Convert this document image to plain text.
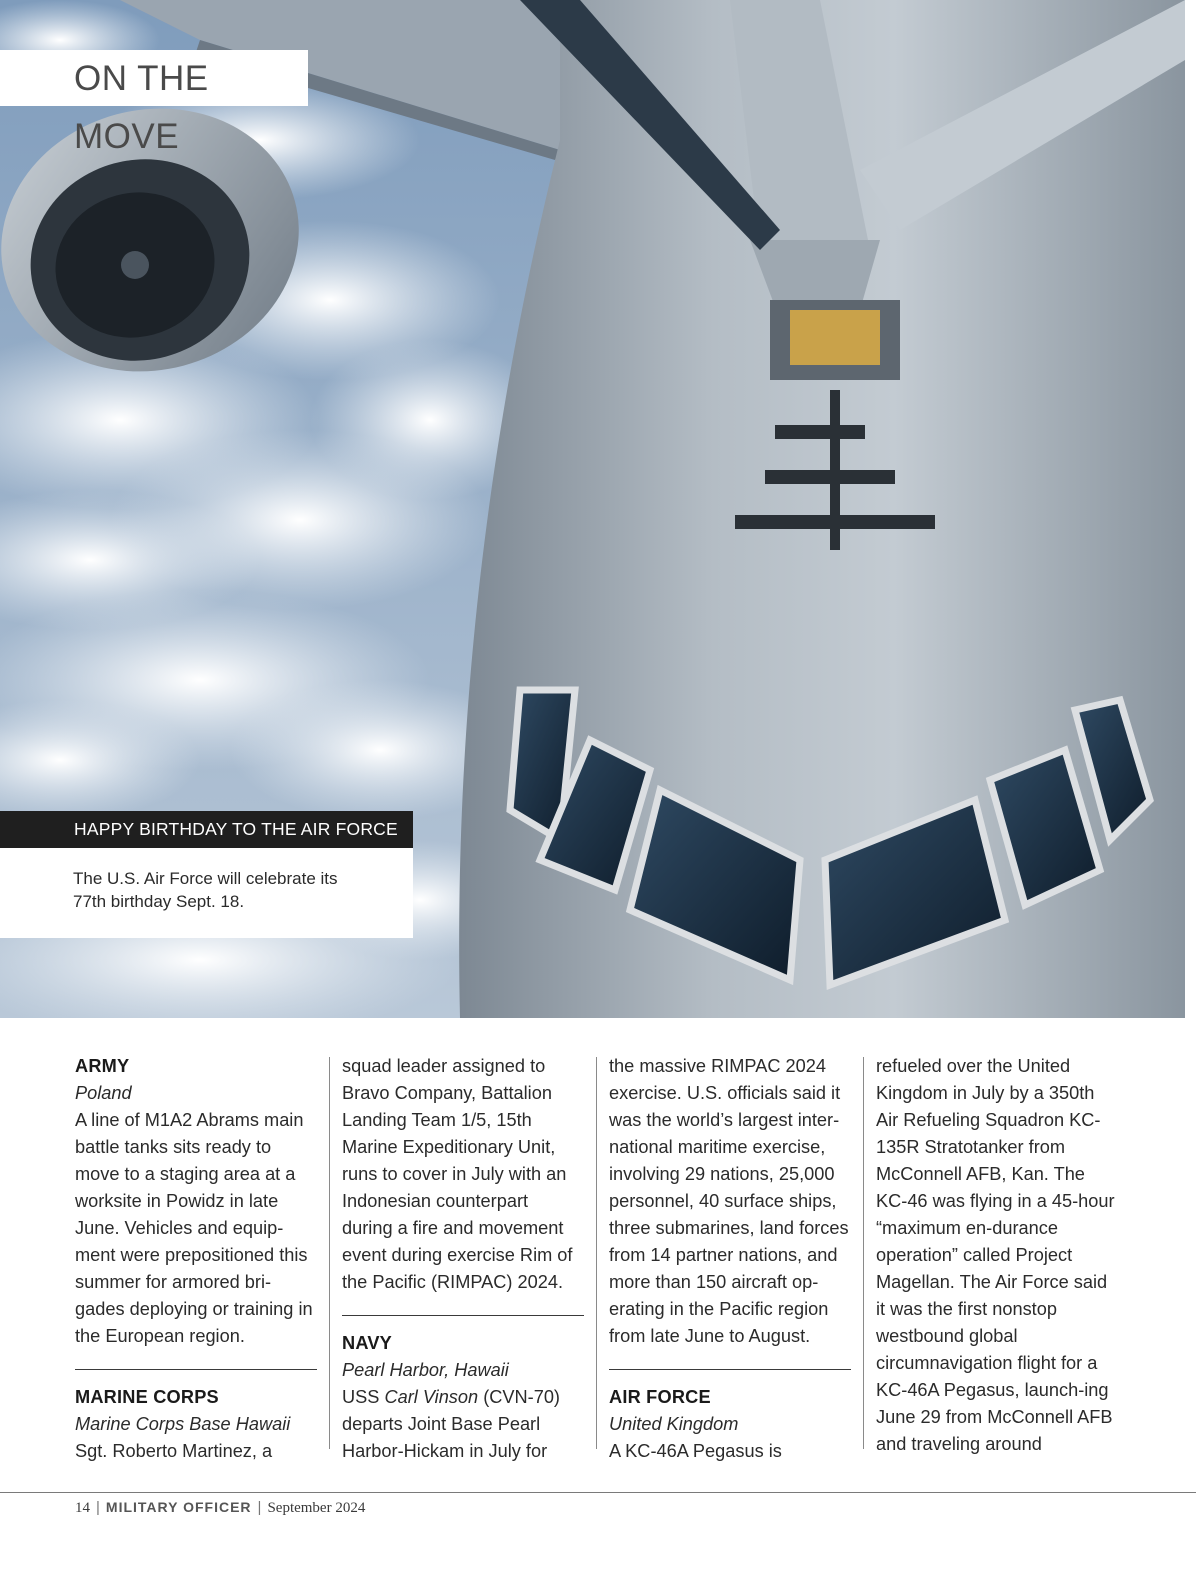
ON THE MOVE
HAPPY BIRTHDAY TO THE AIR FORCE
The U.S. Air Force will celebrate its 77th birthday Sept. 18.
ARMY
Poland

A line of M1A2 Abrams main battle tanks sits ready to move to a staging area at a worksite in Powidz in late June. Vehicles and equip-ment were prepositioned this summer for armored bri-gades deploying or training in the European region.

MARINE CORPS
Marine Corps Base Hawaii

Sgt. Roberto Martinez, a

squad leader assigned to Bravo Company, Battalion Landing Team 1/5, 15th Marine Expeditionary Unit, runs to cover in July with an Indonesian counterpart during a fire and movement event during exercise Rim of the Pacific (RIMPAC) 2024.

NAVY
Pearl Harbor, Hawaii

USS Carl Vinson (CVN-70) departs Joint Base Pearl Harbor-Hickam in July for

the massive RIMPAC 2024 exercise. U.S. officials said it was the world’s largest inter-national maritime exercise, involving 29 nations, 25,000 personnel, 40 surface ships, three submarines, land forces from 14 partner nations, and more than 150 aircraft op-erating in the Pacific region from late June to August.

AIR FORCE
United Kingdom

A KC-46A Pegasus is

refueled over the United Kingdom in July by a 350th Air Refueling Squadron KC-135R Stratotanker from McConnell AFB, Kan. The KC-46 was flying in a 45-hour “maximum en-durance operation” called Project Magellan. The Air Force said it was the first nonstop westbound global circumnavigation flight for a KC-46A Pegasus, launch-ing June 29 from McConnell AFB and traveling around

14 | MILITARY OFFICER | September 2024
